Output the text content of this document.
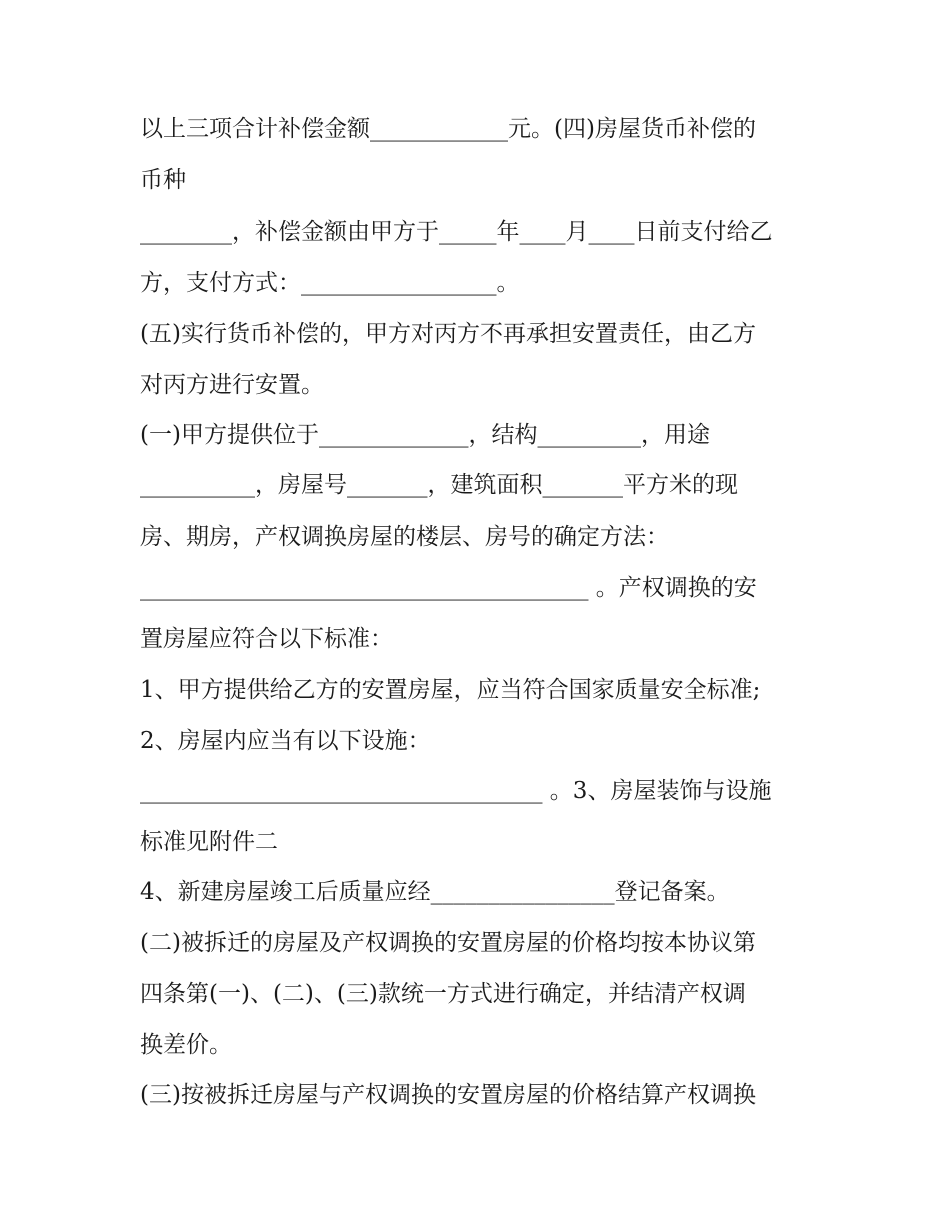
以上三项合计补偿金额____________元。(四)房屋货币补偿的

币种

________，补偿金额由甲方于_____年____月____日前支付给乙

方，支付方式：_________________。

(五)实行货币补偿的，甲方对丙方不再承担安置责任，由乙方

对丙方进行安置。

(一)甲方提供位于_____________，结构_________，用途

__________，房屋号_______，建筑面积_______平方米的现

房、期房，产权调换房屋的楼层、房号的确定方法：

_______________________________________ 。产权调换的安

置房屋应符合以下标准：

1、甲方提供给乙方的安置房屋，应当符合国家质量安全标准;

2、房屋内应当有以下设施：

___________________________________ 。3、房屋装饰与设施

标准见附件二

4、新建房屋竣工后质量应经________________登记备案。

(二)被拆迁的房屋及产权调换的安置房屋的价格均按本协议第

四条第(一)、(二)、(三)款统一方式进行确定，并结清产权调

换差价。

(三)按被拆迁房屋与产权调换的安置房屋的价格结算产权调换
